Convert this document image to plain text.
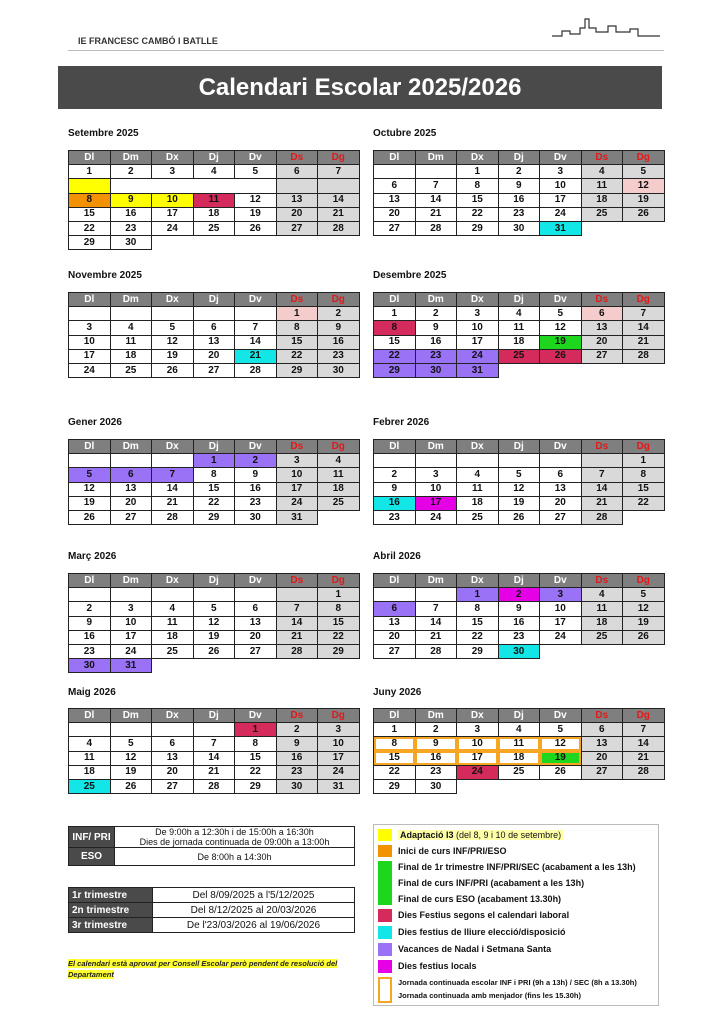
IE FRANCESC CAMBÓ I BATLLE
Calendari Escolar 2025/2026
Setembre 2025
Dl	Dm	Dx	Dj	Dv	Ds	Dg
1	2	3	4	5	6	7

8	9	10	11	12	13	14
15	16	17	18	19	20	21
22	23	24	25	26	27	28
29	30					
Octubre 2025
Dl	Dm	Dx	Dj	Dv	Ds	Dg
		1	2	3	4	5
6	7	8	9	10	11	12
13	14	15	16	17	18	19
20	21	22	23	24	25	26
27	28	29	30	31		
Novembre 2025
Dl	Dm	Dx	Dj	Dv	Ds	Dg
					1	2
3	4	5	6	7	8	9
10	11	12	13	14	15	16
17	18	19	20	21	22	23
24	25	26	27	28	29	30
Desembre 2025
Dl	Dm	Dx	Dj	Dv	Ds	Dg
1	2	3	4	5	6	7
8	9	10	11	12	13	14
15	16	17	18	19	20	21
22	23	24	25	26	27	28
29	30	31				
Gener 2026
Dl	Dm	Dx	Dj	Dv	Ds	Dg
			1	2	3	4
5	6	7	8	9	10	11
12	13	14	15	16	17	18
19	20	21	22	23	24	25
26	27	28	29	30	31	
Febrer 2026
Dl	Dm	Dx	Dj	Dv	Ds	Dg
						1
2	3	4	5	6	7	8
9	10	11	12	13	14	15
16	17	18	19	20	21	22
23	24	25	26	27	28	
Març 2026
Dl	Dm	Dx	Dj	Dv	Ds	Dg
						1
2	3	4	5	6	7	8
9	10	11	12	13	14	15
16	17	18	19	20	21	22
23	24	25	26	27	28	29
30	31					
Abril 2026
Dl	Dm	Dx	Dj	Dv	Ds	Dg
		1	2	3	4	5
6	7	8	9	10	11	12
13	14	15	16	17	18	19
20	21	22	23	24	25	26
27	28	29	30			
Maig 2026
Dl	Dm	Dx	Dj	Dv	Ds	Dg
				1	2	3
4	5	6	7	8	9	10
11	12	13	14	15	16	17
18	19	20	21	22	23	24
25	26	27	28	29	30	31
Juny 2026
Dl	Dm	Dx	Dj	Dv	Ds	Dg
1	2	3	4	5	6	7
8	9	10	11	12	13	14
15	16	17	18	19	20	21
22	23	24	25	26	27	28
29	30					
INF/ PRI	De 9:00h a 12:30h i de 15:00h a 16:30h
Dies de jornada continuada de 09:00h a 13:00h

ESO	De 8:00h a 14:30h
1r trimestre	Del 8/09/2025 a l'5/12/2025
2n trimestre	Del 8/12/2025 al 20/03/2026
3r trimestre	De l'23/03/2026 al 19/06/2026
El calendari està aprovat per Consell Escolar però pendent de resolució del Departament
Adaptació I3 (del 8, 9 i 10 de setembre)
Inici de curs INF/PRI/ESO
Final de 1r trimestre INF/PRI/SEC (acabament a les 13h)
Final de curs INF/PRI (acabament a les 13h)
Final de curs ESO (acabament 13.30h)
Dies Festius segons el calendari laboral
Dies festius de lliure elecció/disposició
Vacances de Nadal i Setmana Santa
Dies festius locals
Jornada continuada escolar INF i PRI (9h a 13h) / SEC (8h a 13.30h)
Jornada continuada amb menjador (fins les 15.30h)
